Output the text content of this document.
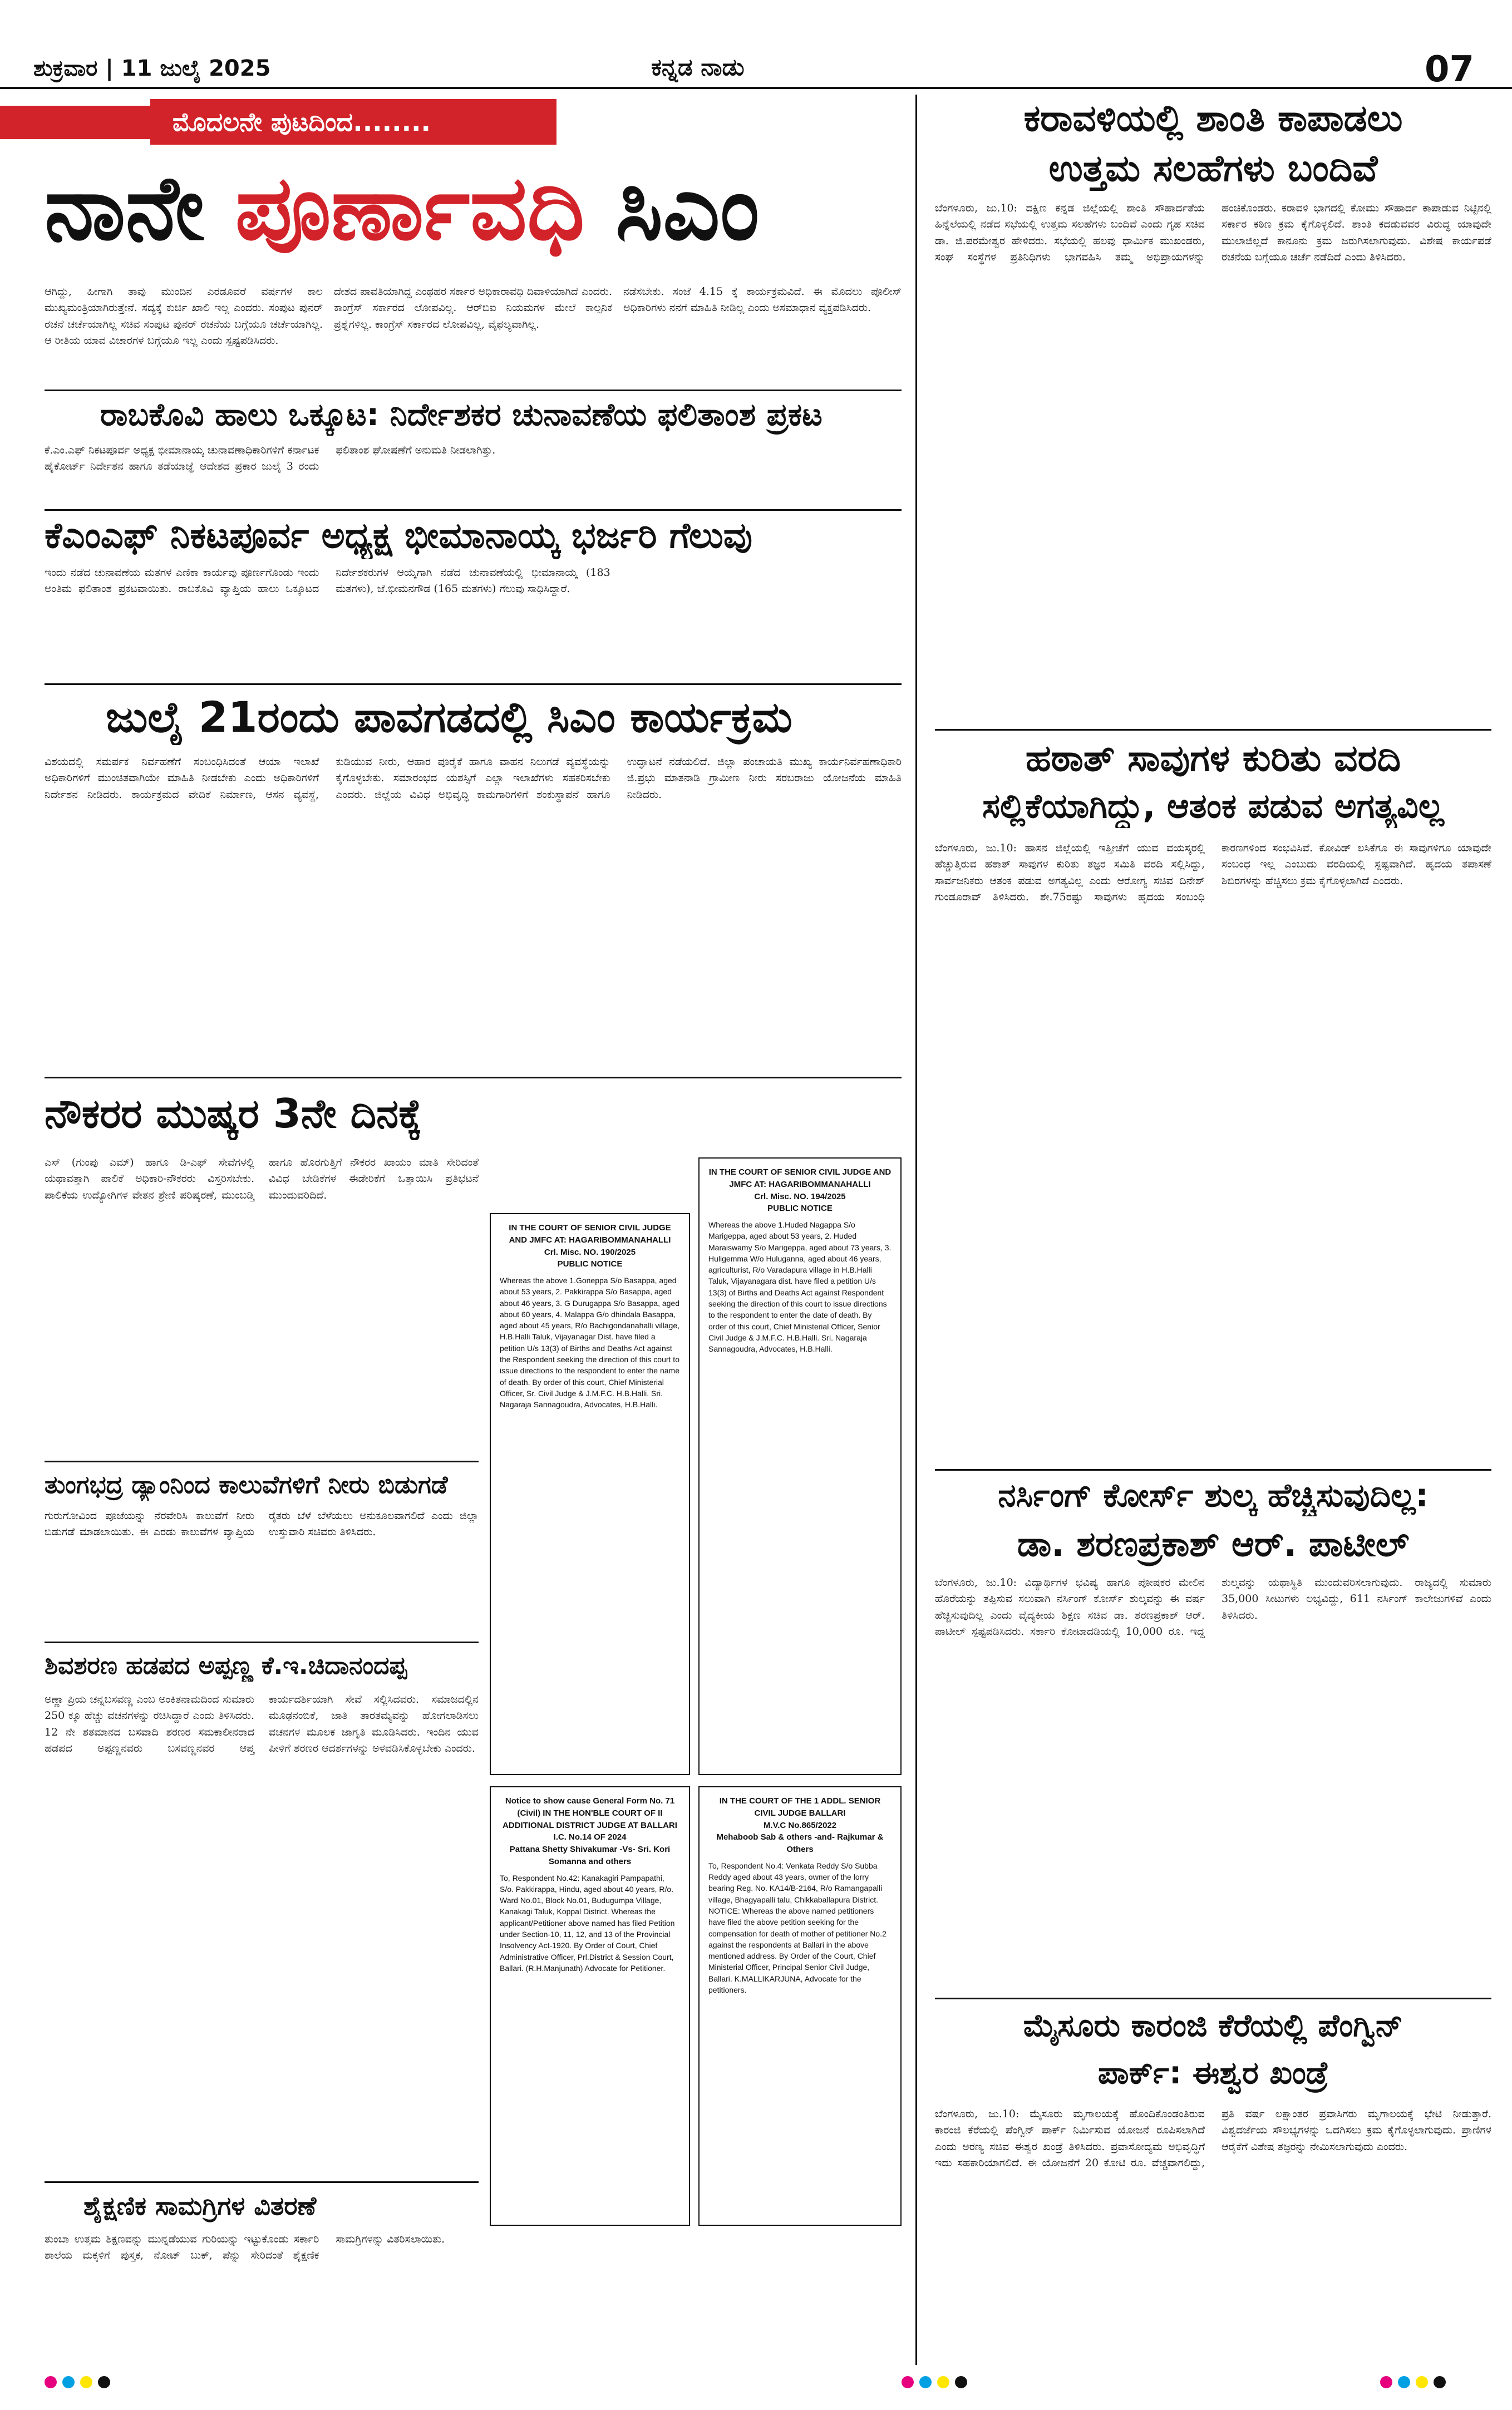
ಶುಕ್ರವಾರ | 11 ಜುಲೈ 2025	ಕನ್ನಡ ನಾಡು	07
ಮೊದಲನೇ ಪುಟದಿಂದ........
ನಾನೇ ಪೂರ್ಣಾವಧಿ ಸಿಎಂ
ಆಗಿದ್ದು, ಹೀಗಾಗಿ ತಾವು ಮುಂದಿನ ಎರಡೂವರೆ ವರ್ಷಗಳ ಕಾಲ ಮುಖ್ಯಮಂತ್ರಿಯಾಗಿರುತ್ತೇನೆ. ಸದ್ಯಕ್ಕೆ ಕುರ್ಚಿ ಖಾಲಿ ಇಲ್ಲ ಎಂದರು. ಸಂಪುಟ ಪುನರ್ ರಚನೆ ಚರ್ಚೆಯಾಗಿಲ್ಲ ಸಚಿವ ಸಂಪುಟ ಪುನರ್ ರಚನೆಯ ಬಗ್ಗೆಯೂ ಚರ್ಚೆಯಾಗಿಲ್ಲ. ಆ ರೀತಿಯ ಯಾವ ವಿಚಾರಗಳ ಬಗ್ಗೆಯೂ ಇಲ್ಲ ಎಂದು ಸ್ಪಷ್ಟಪಡಿಸಿದರು.
ದೇಶದ ಪಾವತಿಯಾಗಿದ್ದ ಎಂಥಹರ ಸರ್ಕಾರ ಅಧಿಕಾರಾವಧಿ ದಿವಾಳಿಯಾಗಿದೆ ಎಂದರು. ಕಾಂಗ್ರೆಸ್ ಸರ್ಕಾರದ ಲೋಪವಿಲ್ಲ. ಆರ್‌ಬಿಐ ನಿಯಮಗಳ ಮೇಲೆ ಕಾಲ್ಪನಿಕ ಪ್ರಶ್ನೆಗಳಿಲ್ಲ. ಕಾಂಗ್ರೆಸ್ ಸರ್ಕಾರದ ಲೋಪವಿಲ್ಲ, ವೈಫಲ್ಯವಾಗಿಲ್ಲ.
ನಡೆಸಬೇಕು. ಸಂಜೆ 4.15 ಕ್ಕೆ ಕಾರ್ಯಕ್ರಮವಿದೆ. ಈ ಮೊದಲು ಪೊಲೀಸ್ ಅಧಿಕಾರಿಗಳು ನನಗೆ ಮಾಹಿತಿ ನೀಡಿಲ್ಲ ಎಂದು ಅಸಮಾಧಾನ ವ್ಯಕ್ತಪಡಿಸಿದರು.
ರಾಬಕೊವಿ ಹಾಲು ಒಕ್ಕೂಟ: ನಿರ್ದೇಶಕರ ಚುನಾವಣೆಯ ಫಲಿತಾಂಶ ಪ್ರಕಟ
ಕೆ.ಎಂ.ಎಫ್ ನಿಕಟಪೂರ್ವ ಅಧ್ಯಕ್ಷ ಭೀಮಾನಾಯ್ಕ ಚುನಾವಣಾಧಿಕಾರಿಗಳಿಗೆ ಕರ್ನಾಟಕ ಹೈಕೋರ್ಟ್ ನಿರ್ದೇಶನ ಹಾಗೂ ತಡೆಯಾಜ್ಞೆ ಆದೇಶದ ಪ್ರಕಾರ ಜುಲೈ 3 ರಂದು ಫಲಿತಾಂಶ ಘೋಷಣೆಗೆ ಅನುಮತಿ ನೀಡಲಾಗಿತ್ತು.
ಕೆಎಂಎಫ್ ನಿಕಟಪೂರ್ವ ಅಧ್ಯಕ್ಷ ಭೀಮಾನಾಯ್ಕ ಭರ್ಜರಿ ಗೆಲುವು
ಇಂದು ನಡೆದ ಚುನಾವಣೆಯ ಮತಗಳ ಎಣಿಕಾ ಕಾರ್ಯವು ಪೂರ್ಣಗೊಂಡು ಇಂದು ಅಂತಿಮ ಫಲಿತಾಂಶ ಪ್ರಕಟವಾಯಿತು. ರಾಬಕೊವಿ ವ್ಯಾಪ್ತಿಯ ಹಾಲು ಒಕ್ಕೂಟದ ನಿರ್ದೇಶಕರುಗಳ ಆಯ್ಕೆಗಾಗಿ ನಡೆದ ಚುನಾವಣೆಯಲ್ಲಿ ಭೀಮಾನಾಯ್ಕ (183 ಮತಗಳು), ಜೆ.ಭೀಮನಗೌಡ (165 ಮತಗಳು) ಗೆಲುವು ಸಾಧಿಸಿದ್ದಾರೆ.
ಜುಲೈ 21ರಂದು ಪಾವಗಡದಲ್ಲಿ ಸಿಎಂ ಕಾರ್ಯಕ್ರಮ
ವಿಶಯದಲ್ಲಿ ಸಮರ್ಪಕ ನಿರ್ವಹಣೆಗೆ ಸಂಬಂಧಿಸಿದಂತೆ ಆಯಾ ಇಲಾಖೆ ಅಧಿಕಾರಿಗಳಿಗೆ ಮುಂಚಿತವಾಗಿಯೇ ಮಾಹಿತಿ ನೀಡಬೇಕು ಎಂದು ಅಧಿಕಾರಿಗಳಿಗೆ ನಿರ್ದೇಶನ ನೀಡಿದರು. ಕಾರ್ಯಕ್ರಮದ ವೇದಿಕೆ ನಿರ್ಮಾಣ, ಆಸನ ವ್ಯವಸ್ಥೆ, ಕುಡಿಯುವ ನೀರು, ಆಹಾರ ಪೂರೈಕೆ ಹಾಗೂ ವಾಹನ ನಿಲುಗಡೆ ವ್ಯವಸ್ಥೆಯನ್ನು ಕೈಗೊಳ್ಳಬೇಕು. ಸಮಾರಂಭದ ಯಶಸ್ಸಿಗೆ ಎಲ್ಲಾ ಇಲಾಖೆಗಳು ಸಹಕರಿಸಬೇಕು ಎಂದರು. ಜಿಲ್ಲೆಯ ವಿವಿಧ ಅಭಿವೃದ್ಧಿ ಕಾಮಗಾರಿಗಳಿಗೆ ಶಂಕುಸ್ಥಾಪನೆ ಹಾಗೂ ಉದ್ಘಾಟನೆ ನಡೆಯಲಿದೆ. ಜಿಲ್ಲಾ ಪಂಚಾಯತಿ ಮುಖ್ಯ ಕಾರ್ಯನಿರ್ವಹಣಾಧಿಕಾರಿ ಜಿ.ಪ್ರಭು ಮಾತನಾಡಿ ಗ್ರಾಮೀಣ ನೀರು ಸರಬರಾಜು ಯೋಜನೆಯ ಮಾಹಿತಿ ನೀಡಿದರು.
ನೌಕರರ ಮುಷ್ಕರ 3ನೇ ದಿನಕ್ಕೆ
ಎಸ್ (ಗುಂಪು ಎಮ್) ಹಾಗೂ ಡಿ-ಎಫ್ ಸೇವೆಗಳಲ್ಲಿ ಯಥಾವತ್ತಾಗಿ ಪಾಲಿಕೆ ಅಧಿಕಾರಿ-ನೌಕರರು ವಿಸ್ತರಿಸಬೇಕು. ಪಾಲಿಕೆಯ ಉದ್ಯೋಗಿಗಳ ವೇತನ ಶ್ರೇಣಿ ಪರಿಷ್ಕರಣೆ, ಮುಂಬಡ್ತಿ ಹಾಗೂ ಹೊರಗುತ್ತಿಗೆ ನೌಕರರ ಖಾಯಂ ಮಾತಿ ಸೇರಿದಂತೆ ವಿವಿಧ ಬೇಡಿಕೆಗಳ ಈಡೇರಿಕೆಗೆ ಒತ್ತಾಯಿಸಿ ಪ್ರತಿಭಟನೆ ಮುಂದುವರಿದಿದೆ.
ತುಂಗಭದ್ರ ಡ್ಯಾಂನಿಂದ ಕಾಲುವೆಗಳಿಗೆ ನೀರು ಬಿಡುಗಡೆ
ಗುರುಗೋವಿಂದ ಪೂಜೆಯನ್ನು ನೆರವೇರಿಸಿ ಕಾಲುವೆಗೆ ನೀರು ಬಿಡುಗಡೆ ಮಾಡಲಾಯಿತು. ಈ ಎರಡು ಕಾಲುವೆಗಳ ವ್ಯಾಪ್ತಿಯ ರೈತರು ಬೆಳೆ ಬೆಳೆಯಲು ಅನುಕೂಲವಾಗಲಿದೆ ಎಂದು ಜಿಲ್ಲಾ ಉಸ್ತುವಾರಿ ಸಚಿವರು ತಿಳಿಸಿದರು.
ಶಿವಶರಣ ಹಡಪದ ಅಪ್ಪಣ್ಣ ಕೆ.ಇ.ಚಿದಾನಂದಪ್ಪ
ಅಣ್ಣಾ ಪ್ರಿಯ ಚನ್ನಬಸವಣ್ಣ ಎಂಬ ಅಂಕಿತನಾಮದಿಂದ ಸುಮಾರು 250 ಕ್ಕೂ ಹೆಚ್ಚು ವಚನಗಳನ್ನು ರಚಿಸಿದ್ದಾರೆ ಎಂದು ತಿಳಿಸಿದರು. 12 ನೇ ಶತಮಾನದ ಬಸವಾದಿ ಶರಣರ ಸಮಕಾಲೀನರಾದ ಹಡಪದ ಅಪ್ಪಣ್ಣನವರು ಬಸವಣ್ಣನವರ ಆಪ್ತ ಕಾರ್ಯದರ್ಶಿಯಾಗಿ ಸೇವೆ ಸಲ್ಲಿಸಿದವರು. ಸಮಾಜದಲ್ಲಿನ ಮೂಢನಂಬಿಕೆ, ಜಾತಿ ತಾರತಮ್ಯವನ್ನು ಹೋಗಲಾಡಿಸಲು ವಚನಗಳ ಮೂಲಕ ಜಾಗೃತಿ ಮೂಡಿಸಿದರು. ಇಂದಿನ ಯುವ ಪೀಳಿಗೆ ಶರಣರ ಆದರ್ಶಗಳನ್ನು ಅಳವಡಿಸಿಕೊಳ್ಳಬೇಕು ಎಂದರು.
ಶೈಕ್ಷಣಿಕ ಸಾಮಗ್ರಿಗಳ ವಿತರಣೆ
ತುಂಬಾ ಉತ್ತಮ ಶಿಕ್ಷಣವನ್ನು ಮುನ್ನಡೆಯುವ ಗುರಿಯನ್ನು ಇಟ್ಟುಕೊಂಡು ಸರ್ಕಾರಿ ಶಾಲೆಯ ಮಕ್ಕಳಿಗೆ ಪುಸ್ತಕ, ನೋಟ್ ಬುಕ್, ಪೆನ್ನು ಸೇರಿದಂತೆ ಶೈಕ್ಷಣಿಕ ಸಾಮಗ್ರಿಗಳನ್ನು ವಿತರಿಸಲಾಯಿತು.
IN THE COURT OF SENIOR CIVIL JUDGE AND JMFC AT: HAGARIBOMMANAHALLI
Crl. Misc. NO. 190/2025
PUBLIC NOTICE
Whereas the above 1.Goneppa S/o Basappa, aged about 53 years, 2. Pakkirappa S/o Basappa, aged about 46 years, 3. G Durugappa S/o Basappa, aged about 60 years, 4. Malappa G/o dhindala Basappa, aged about 45 years, R/o Bachigondanahalli village, H.B.Halli Taluk, Vijayanagar Dist. have filed a petition U/s 13(3) of Births and Deaths Act against the Respondent seeking the direction of this court to issue directions to the respondent to enter the name of death. By order of this court, Chief Ministerial Officer, Sr. Civil Judge & J.M.F.C. H.B.Halli. Sri. Nagaraja Sannagoudra, Advocates, H.B.Halli.
IN THE COURT OF SENIOR CIVIL JUDGE AND JMFC AT: HAGARIBOMMANAHALLI
Crl. Misc. NO. 194/2025
PUBLIC NOTICE
Whereas the above 1.Huded Nagappa S/o Marigeppa, aged about 53 years, 2. Huded Maraiswamy S/o Marigeppa, aged about 73 years, 3. Huligemma W/o Huluganna, aged about 46 years, agriculturist, R/o Varadapura village in H.B.Halli Taluk, Vijayanagara dist. have filed a petition U/s 13(3) of Births and Deaths Act against Respondent seeking the direction of this court to issue directions to the respondent to enter the date of death. By order of this court, Chief Ministerial Officer, Senior Civil Judge & J.M.F.C. H.B.Halli. Sri. Nagaraja Sannagoudra, Advocates, H.B.Halli.
Notice to show cause General Form No. 71 (Civil) IN THE HON'BLE COURT OF II ADDITIONAL DISTRICT JUDGE AT BALLARI
I.C. No.14 OF 2024
Pattana Shetty Shivakumar -Vs- Sri. Kori Somanna and others
To, Respondent No.42: Kanakagiri Pampapathi, S/o. Pakkirappa, Hindu, aged about 40 years, R/o. Ward No.01, Block No.01, Budugumpa Village, Kanakagi Taluk, Koppal District. Whereas the applicant/Petitioner above named has filed Petition under Section-10, 11, 12, and 13 of the Provincial Insolvency Act-1920. By Order of Court, Chief Administrative Officer, Prl.District & Session Court, Ballari. (R.H.Manjunath) Advocate for Petitioner.
IN THE COURT OF THE 1 ADDL. SENIOR CIVIL JUDGE BALLARI
M.V.C No.865/2022
Mehaboob Sab & others -and- Rajkumar & Others
To, Respondent No.4: Venkata Reddy S/o Subba Reddy aged about 43 years, owner of the lorry bearing Reg. No. KA14/B-2164, R/o Ramangapalli village, Bhagyapalli talu, Chikkaballapura District. NOTICE: Whereas the above named petitioners have filed the above petition seeking for the compensation for death of mother of petitioner No.2 against the respondents at Ballari in the above mentioned address. By Order of the Court, Chief Ministerial Officer, Principal Senior Civil Judge, Ballari. K.MALLIKARJUNA, Advocate for the petitioners.
ಕರಾವಳಿಯಲ್ಲಿ ಶಾಂತಿ ಕಾಪಾಡಲು
ಉತ್ತಮ ಸಲಹೆಗಳು ಬಂದಿವೆ
ಬೆಂಗಳೂರು, ಜು.10: ದಕ್ಷಿಣ ಕನ್ನಡ ಜಿಲ್ಲೆಯಲ್ಲಿ ಶಾಂತಿ ಸೌಹಾರ್ದತೆಯ ಹಿನ್ನೆಲೆಯಲ್ಲಿ ನಡೆದ ಸಭೆಯಲ್ಲಿ ಉತ್ತಮ ಸಲಹೆಗಳು ಬಂದಿವೆ ಎಂದು ಗೃಹ ಸಚಿವ ಡಾ. ಜಿ.ಪರಮೇಶ್ವರ ಹೇಳಿದರು. ಸಭೆಯಲ್ಲಿ ಹಲವು ಧಾರ್ಮಿಕ ಮುಖಂಡರು, ಸಂಘ ಸಂಸ್ಥೆಗಳ ಪ್ರತಿನಿಧಿಗಳು ಭಾಗವಹಿಸಿ ತಮ್ಮ ಅಭಿಪ್ರಾಯಗಳನ್ನು ಹಂಚಿಕೊಂಡರು. ಕರಾವಳಿ ಭಾಗದಲ್ಲಿ ಕೋಮು ಸೌಹಾರ್ದ ಕಾಪಾಡುವ ನಿಟ್ಟಿನಲ್ಲಿ ಸರ್ಕಾರ ಕಠಿಣ ಕ್ರಮ ಕೈಗೊಳ್ಳಲಿದೆ. ಶಾಂತಿ ಕದಡುವವರ ವಿರುದ್ಧ ಯಾವುದೇ ಮುಲಾಜಿಲ್ಲದೆ ಕಾನೂನು ಕ್ರಮ ಜರುಗಿಸಲಾಗುವುದು. ವಿಶೇಷ ಕಾರ್ಯಪಡೆ ರಚನೆಯ ಬಗ್ಗೆಯೂ ಚರ್ಚೆ ನಡೆದಿದೆ ಎಂದು ತಿಳಿಸಿದರು.
ಹಠಾತ್ ಸಾವುಗಳ ಕುರಿತು ವರದಿ
ಸಲ್ಲಿಕೆಯಾಗಿದ್ದು, ಆತಂಕ ಪಡುವ ಅಗತ್ಯವಿಲ್ಲ
ಬೆಂಗಳೂರು, ಜು.10: ಹಾಸನ ಜಿಲ್ಲೆಯಲ್ಲಿ ಇತ್ತೀಚೆಗೆ ಯುವ ವಯಸ್ಕರಲ್ಲಿ ಹೆಚ್ಚುತ್ತಿರುವ ಹಠಾತ್ ಸಾವುಗಳ ಕುರಿತು ತಜ್ಞರ ಸಮಿತಿ ವರದಿ ಸಲ್ಲಿಸಿದ್ದು, ಸಾರ್ವಜನಿಕರು ಆತಂಕ ಪಡುವ ಅಗತ್ಯವಿಲ್ಲ ಎಂದು ಆರೋಗ್ಯ ಸಚಿವ ದಿನೇಶ್ ಗುಂಡೂರಾವ್ ತಿಳಿಸಿದರು. ಶೇ.75ರಷ್ಟು ಸಾವುಗಳು ಹೃದಯ ಸಂಬಂಧಿ ಕಾರಣಗಳಿಂದ ಸಂಭವಿಸಿವೆ. ಕೋವಿಡ್ ಲಸಿಕೆಗೂ ಈ ಸಾವುಗಳಿಗೂ ಯಾವುದೇ ಸಂಬಂಧ ಇಲ್ಲ ಎಂಬುದು ವರದಿಯಲ್ಲಿ ಸ್ಪಷ್ಟವಾಗಿದೆ. ಹೃದಯ ತಪಾಸಣೆ ಶಿಬಿರಗಳನ್ನು ಹೆಚ್ಚಿಸಲು ಕ್ರಮ ಕೈಗೊಳ್ಳಲಾಗಿದೆ ಎಂದರು.
ನರ್ಸಿಂಗ್ ಕೋರ್ಸ್ ಶುಲ್ಕ ಹೆಚ್ಚಿಸುವುದಿಲ್ಲ:
ಡಾ. ಶರಣಪ್ರಕಾಶ್ ಆರ್. ಪಾಟೀಲ್
ಬೆಂಗಳೂರು, ಜು.10: ವಿದ್ಯಾರ್ಥಿಗಳ ಭವಿಷ್ಯ ಹಾಗೂ ಪೋಷಕರ ಮೇಲಿನ ಹೊರೆಯನ್ನು ತಪ್ಪಿಸುವ ಸಲುವಾಗಿ ನರ್ಸಿಂಗ್ ಕೋರ್ಸ್ ಶುಲ್ಕವನ್ನು ಈ ವರ್ಷ ಹೆಚ್ಚಿಸುವುದಿಲ್ಲ ಎಂದು ವೈದ್ಯಕೀಯ ಶಿಕ್ಷಣ ಸಚಿವ ಡಾ. ಶರಣಪ್ರಕಾಶ್ ಆರ್. ಪಾಟೀಲ್ ಸ್ಪಷ್ಟಪಡಿಸಿದರು. ಸರ್ಕಾರಿ ಕೋಟಾದಡಿಯಲ್ಲಿ 10,000 ರೂ. ಇದ್ದ ಶುಲ್ಕವನ್ನು ಯಥಾಸ್ಥಿತಿ ಮುಂದುವರಿಸಲಾಗುವುದು. ರಾಜ್ಯದಲ್ಲಿ ಸುಮಾರು 35,000 ಸೀಟುಗಳು ಲಭ್ಯವಿದ್ದು, 611 ನರ್ಸಿಂಗ್ ಕಾಲೇಜುಗಳಿವೆ ಎಂದು ತಿಳಿಸಿದರು.
ಮೈಸೂರು ಕಾರಂಜಿ ಕೆರೆಯಲ್ಲಿ ಪೆಂಗ್ವಿನ್
ಪಾರ್ಕ್: ಈಶ್ವರ ಖಂಡ್ರೆ
ಬೆಂಗಳೂರು, ಜು.10: ಮೈಸೂರು ಮೃಗಾಲಯಕ್ಕೆ ಹೊಂದಿಕೊಂಡಂತಿರುವ ಕಾರಂಜಿ ಕೆರೆಯಲ್ಲಿ ಪೆಂಗ್ವಿನ್ ಪಾರ್ಕ್ ನಿರ್ಮಿಸುವ ಯೋಜನೆ ರೂಪಿಸಲಾಗಿದೆ ಎಂದು ಅರಣ್ಯ ಸಚಿವ ಈಶ್ವರ ಖಂಡ್ರೆ ತಿಳಿಸಿದರು. ಪ್ರವಾಸೋದ್ಯಮ ಅಭಿವೃದ್ಧಿಗೆ ಇದು ಸಹಕಾರಿಯಾಗಲಿದೆ. ಈ ಯೋಜನೆಗೆ 20 ಕೋಟಿ ರೂ. ವೆಚ್ಚವಾಗಲಿದ್ದು, ಪ್ರತಿ ವರ್ಷ ಲಕ್ಷಾಂತರ ಪ್ರವಾಸಿಗರು ಮೃಗಾಲಯಕ್ಕೆ ಭೇಟಿ ನೀಡುತ್ತಾರೆ. ವಿಶ್ವದರ್ಜೆಯ ಸೌಲಭ್ಯಗಳನ್ನು ಒದಗಿಸಲು ಕ್ರಮ ಕೈಗೊಳ್ಳಲಾಗುವುದು. ಪ್ರಾಣಿಗಳ ಆರೈಕೆಗೆ ವಿಶೇಷ ತಜ್ಞರನ್ನು ನೇಮಿಸಲಾಗುವುದು ಎಂದರು.
